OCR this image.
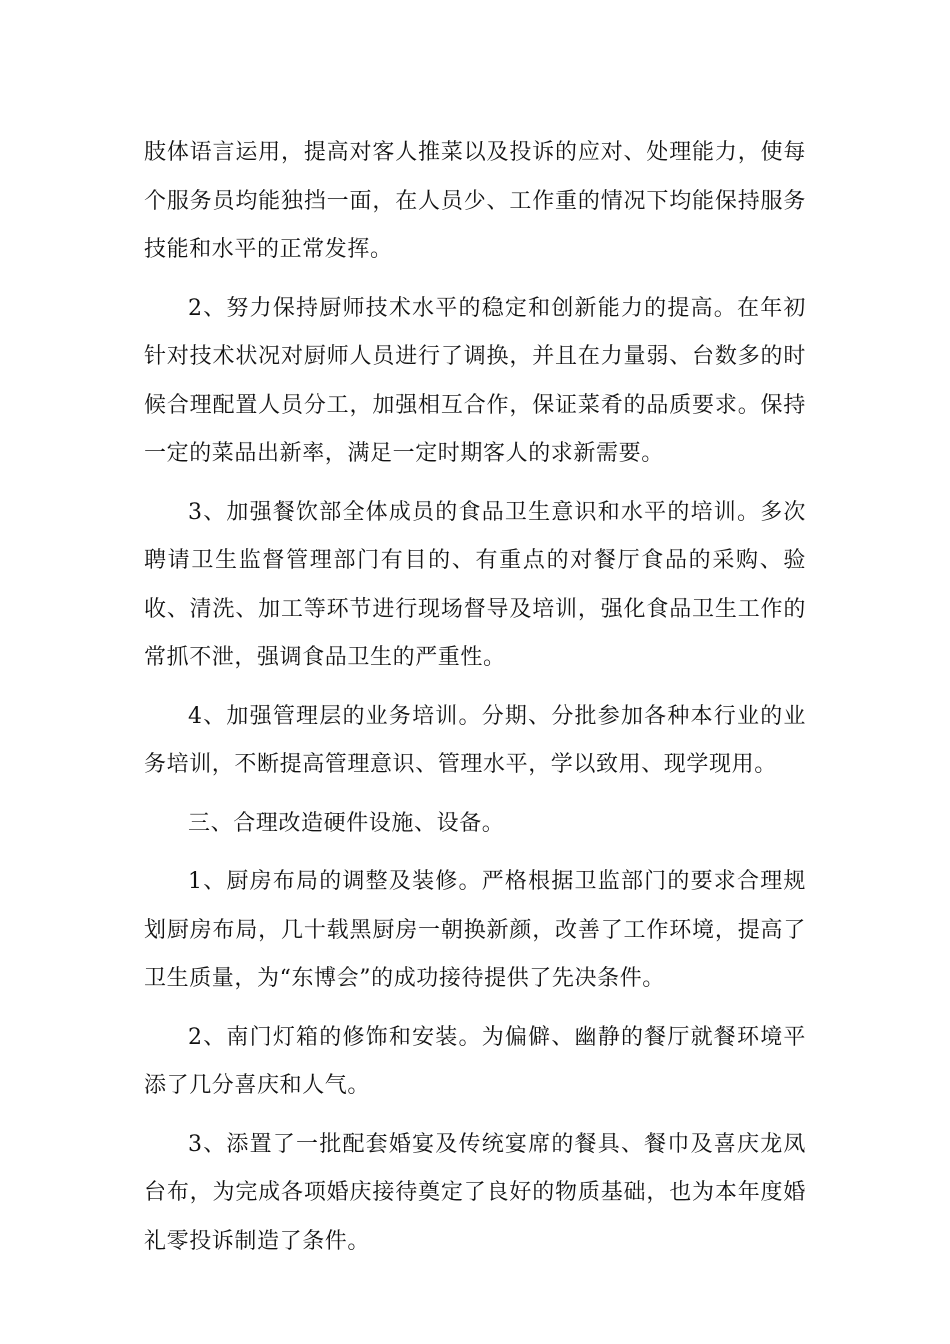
肢体语言运用，提高对客人推菜以及投诉的应对、处理能力，使每个服务员均能独挡一面，在人员少、工作重的情况下均能保持服务技能和水平的正常发挥。

2、努力保持厨师技术水平的稳定和创新能力的提高。在年初针对技术状况对厨师人员进行了调换，并且在力量弱、台数多的时候合理配置人员分工，加强相互合作，保证菜肴的品质要求。保持一定的菜品出新率，满足一定时期客人的求新需要。

3、加强餐饮部全体成员的食品卫生意识和水平的培训。多次聘请卫生监督管理部门有目的、有重点的对餐厅食品的采购、验收、清洗、加工等环节进行现场督导及培训，强化食品卫生工作的常抓不泄，强调食品卫生的严重性。

4、加强管理层的业务培训。分期、分批参加各种本行业的业务培训，不断提高管理意识、管理水平，学以致用、现学现用。

三、合理改造硬件设施、设备。

1、厨房布局的调整及装修。严格根据卫监部门的要求合理规划厨房布局，几十载黑厨房一朝换新颜，改善了工作环境，提高了卫生质量，为“东博会”的成功接待提供了先决条件。

2、南门灯箱的修饰和安装。为偏僻、幽静的餐厅就餐环境平添了几分喜庆和人气。

3、添置了一批配套婚宴及传统宴席的餐具、餐巾及喜庆龙凤台布，为完成各项婚庆接待奠定了良好的物质基础，也为本年度婚礼零投诉制造了条件。
